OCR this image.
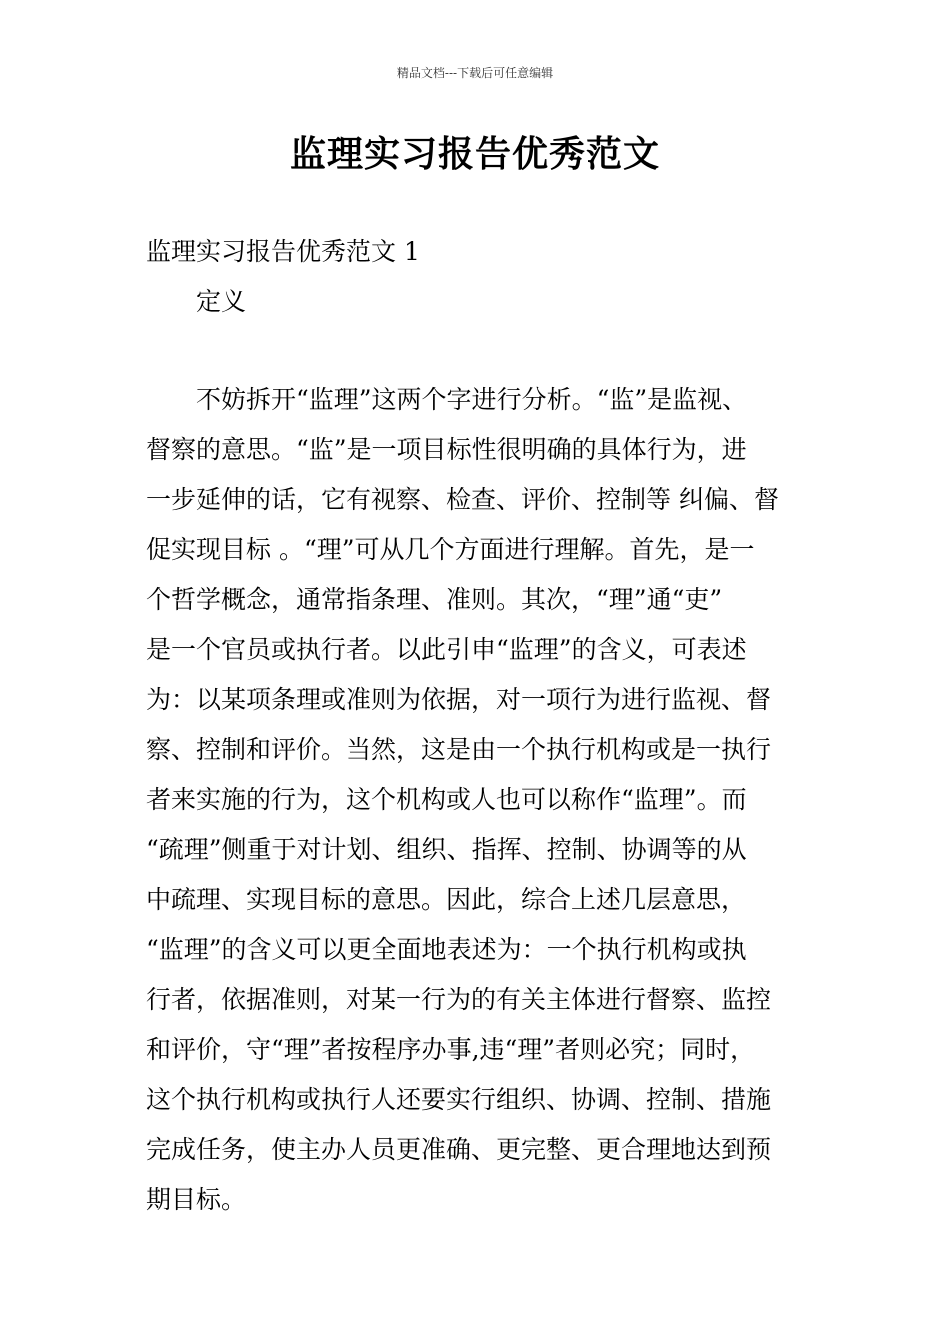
精品文档---下载后可任意编辑
监理实习报告优秀范文
监理实习报告优秀范文 1
定义
不妨拆开“监理”这两个字进行分析。“监”是监视、
督察的意思。“监”是一项目标性很明确的具体行为，进
一步延伸的话，它有视察、检查、评价、控制等 纠偏、督
促实现目标 。“理”可从几个方面进行理解。首先，是一
个哲学概念，通常指条理、准则。其次，“理”通“吏”
是一个官员或执行者。以此引申“监理”的含义，可表述
为：以某项条理或准则为依据，对一项行为进行监视、督
察、控制和评价。当然，这是由一个执行机构或是一执行
者来实施的行为，这个机构或人也可以称作“监理”。而
“疏理”侧重于对计划、组织、指挥、控制、协调等的从
中疏理、实现目标的意思。因此，综合上述几层意思，
“监理”的含义可以更全面地表述为：一个执行机构或执
行者，依据准则，对某一行为的有关主体进行督察、监控
和评价，守“理”者按程序办事,违“理”者则必究；同时，
这个执行机构或执行人还要实行组织、协调、控制、措施
完成任务，使主办人员更准确、更完整、更合理地达到预
期目标。
